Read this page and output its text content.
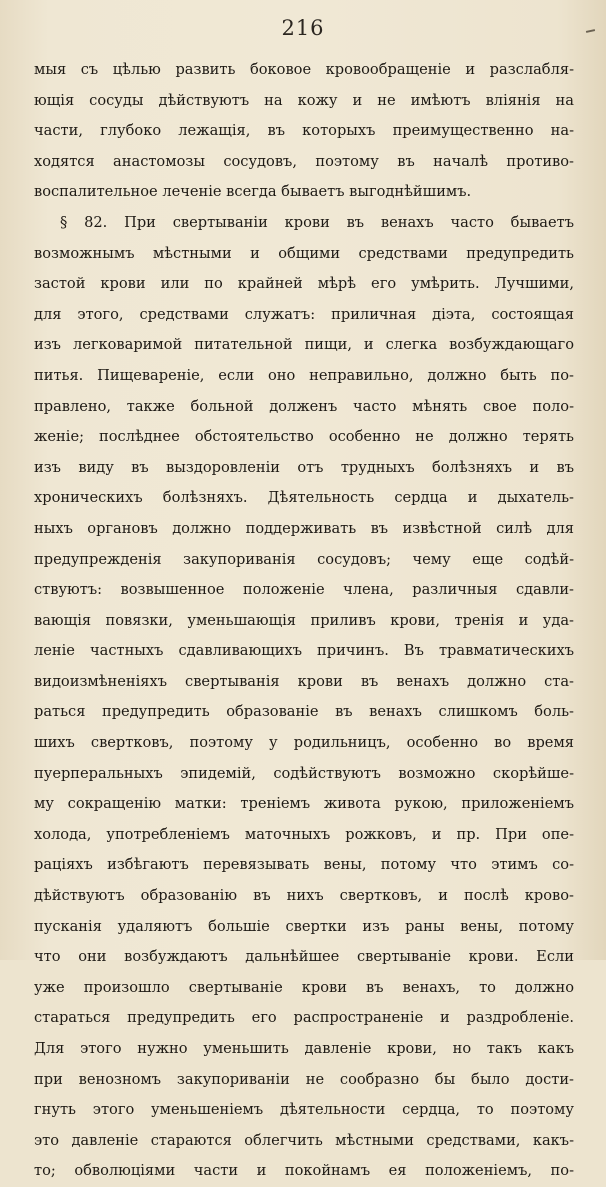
216
мыя съ цѣлью развить боковое кровообращенiе и разслабля-
ющiя сосуды дѣйствуютъ на кожу и не имѣютъ влiянiя на
части, глубоко лежащiя, въ которыхъ преимущественно на-
ходятся анастомозы сосудовъ, поэтому въ началѣ противо-
воспалительное леченiе всегда бываетъ выгоднѣйшимъ.
§ 82. При свертыванiи крови въ венахъ часто бываетъ
возможнымъ мѣстными и общими средствами предупредить
застой крови или по крайней мѣрѣ его умѣрить. Лучшими,
для этого, средствами служатъ: приличная дiэта, состоящая
изъ легковаримой питательной пищи, и слегка возбуждающаго
питья. Пищеваренiе, если оно неправильно, должно быть по-
правлено, также больной долженъ часто мѣнять свое поло-
женiе; послѣднее обстоятельство особенно не должно терять
изъ виду въ выздоровленiи отъ трудныхъ болѣзняхъ и въ
хроническихъ болѣзняхъ. Дѣятельность сердца и дыхатель-
ныхъ органовъ должно поддерживать въ извѣстной силѣ для
предупрежденiя закупориванiя сосудовъ; чему еще содѣй-
ствуютъ: возвышенное положенiе члена, различныя сдавли-
вающiя повязки, уменьшающiя приливъ крови, тренiя и уда-
ленiе частныхъ сдавливающихъ причинъ. Въ травматическихъ
видоизмѣненiяхъ свертыванiя крови въ венахъ должно ста-
раться предупредить образованiе въ венахъ слишкомъ боль-
шихъ свертковъ, поэтому у родильницъ, особенно во время
пуерперальныхъ эпидемiй, содѣйствуютъ возможно скорѣйше-
му сокращенiю матки: тренiемъ живота рукою, приложенiемъ
холода, употребленiемъ маточныхъ рожковъ, и пр. При опе-
рацiяхъ избѣгаютъ перевязывать вены, потому что этимъ со-
дѣйствуютъ образованiю въ нихъ свертковъ, и послѣ крово-
пусканiя удаляютъ большiе свертки изъ раны вены, потому
что они возбуждаютъ дальнѣйшее свертыванiе крови. Если
уже произошло свертыванiе крови въ венахъ, то должно
стараться предупредить его распространенiе и раздробленiе.
Для этого нужно уменьшить давленiе крови, но такъ какъ
при венозномъ закупориванiи не сообразно бы было дости-
гнуть этого уменьшенiемъ дѣятельности сердца, то поэтому
это давленiе стараются облегчить мѣстными средствами, какъ-
то; обволюцiями части и покойнамъ ея положенiемъ, по-
